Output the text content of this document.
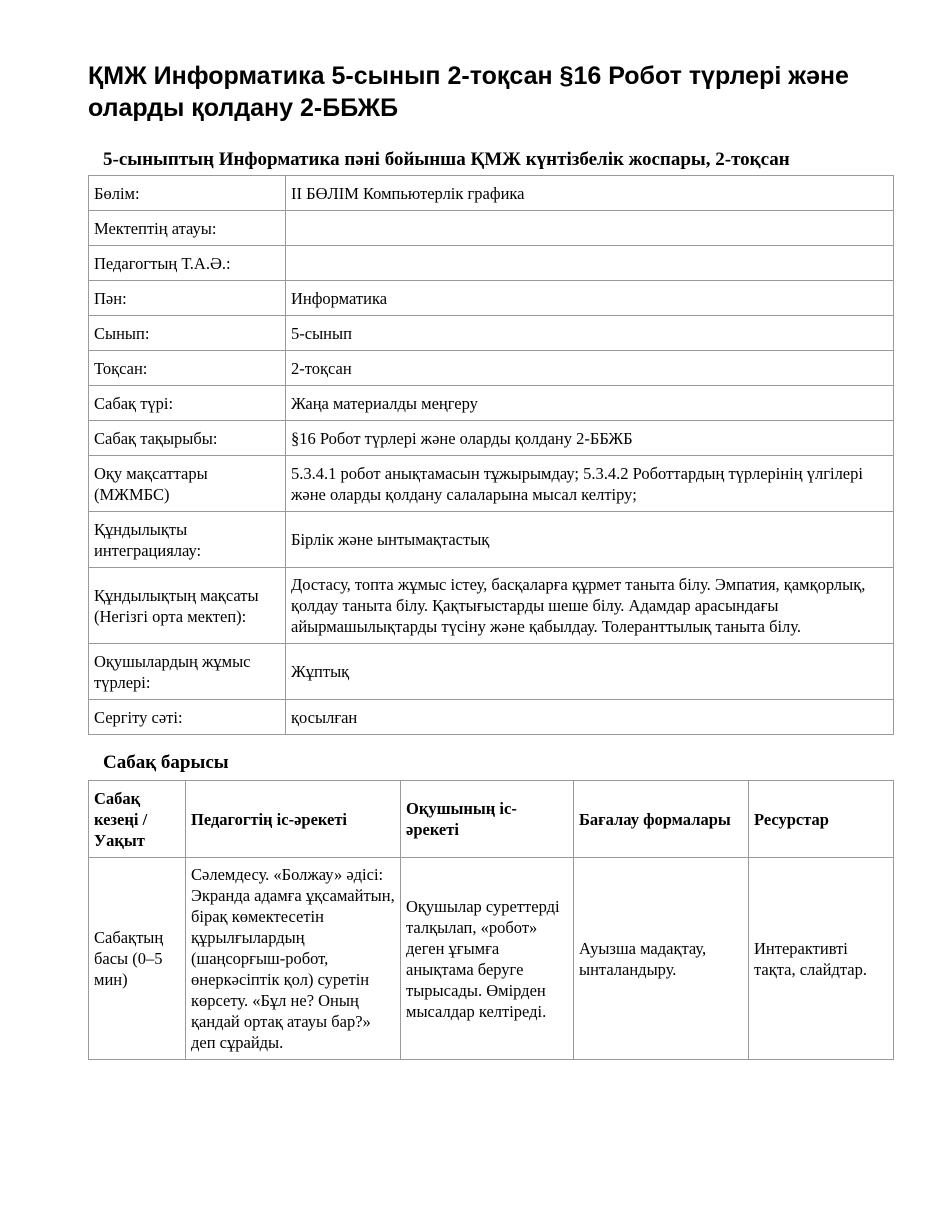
ҚМЖ Информатика 5-сынып 2-тоқсан §16 Робот түрлері және оларды қолдану 2-ББЖБ
5-сыныптың Информатика пәні бойынша ҚМЖ күнтізбелік жоспары, 2-тоқсан
Бөлім:	ІІ БӨЛІМ Компьютерлік графика
Мектептің атауы:	
Педагогтың Т.А.Ә.:	
Пән:	Информатика
Сынып:	5-сынып
Тоқсан:	2-тоқсан
Сабақ түрі:	Жаңа материалды меңгеру
Сабақ тақырыбы:	§16 Робот түрлері және оларды қолдану 2-ББЖБ
Оқу мақсаттары (МЖМБС)	5.3.4.1 робот анықтамасын тұжырымдау; 5.3.4.2 Роботтардың түрлерінің үлгілері және оларды қолдану салаларына мысал келтіру;
Құндылықты интеграциялау:	Бірлік және ынтымақтастық
Құндылықтың мақсаты (Негізгі орта мектеп):	Достасу, топта жұмыс істеу, басқаларға құрмет таныта білу. Эмпатия, қамқорлық, қолдау таныта білу. Қақтығыстарды шеше білу. Адамдар арасындағы айырмашылықтарды түсіну және қабылдау. Толеранттылық таныта білу.
Оқушылардың жұмыс түрлері:	Жұптық
Сергіту сәті:	қосылған
Сабақ барысы
Сабақ кезеңі / Уақыт	Педагогтің іс-әрекеті	Оқушының іс-әрекеті	Бағалау формалары	Ресурстар
Сабақтың басы (0–5 мин)	Сәлемдесу. «Болжау» әдісі: Экранда адамға ұқсамайтын, бірақ көмектесетін құрылғылардың (шаңсорғыш-робот, өнеркәсіптік қол) суретін көрсету. «Бұл не? Оның қандай ортақ атауы бар?» деп сұрайды.	Оқушылар суреттерді талқылап, «робот» деген ұғымға анықтама беруге тырысады. Өмірден мысалдар келтіреді.	Ауызша мадақтау, ынталандыру.	Интерактивті тақта, слайдтар.
